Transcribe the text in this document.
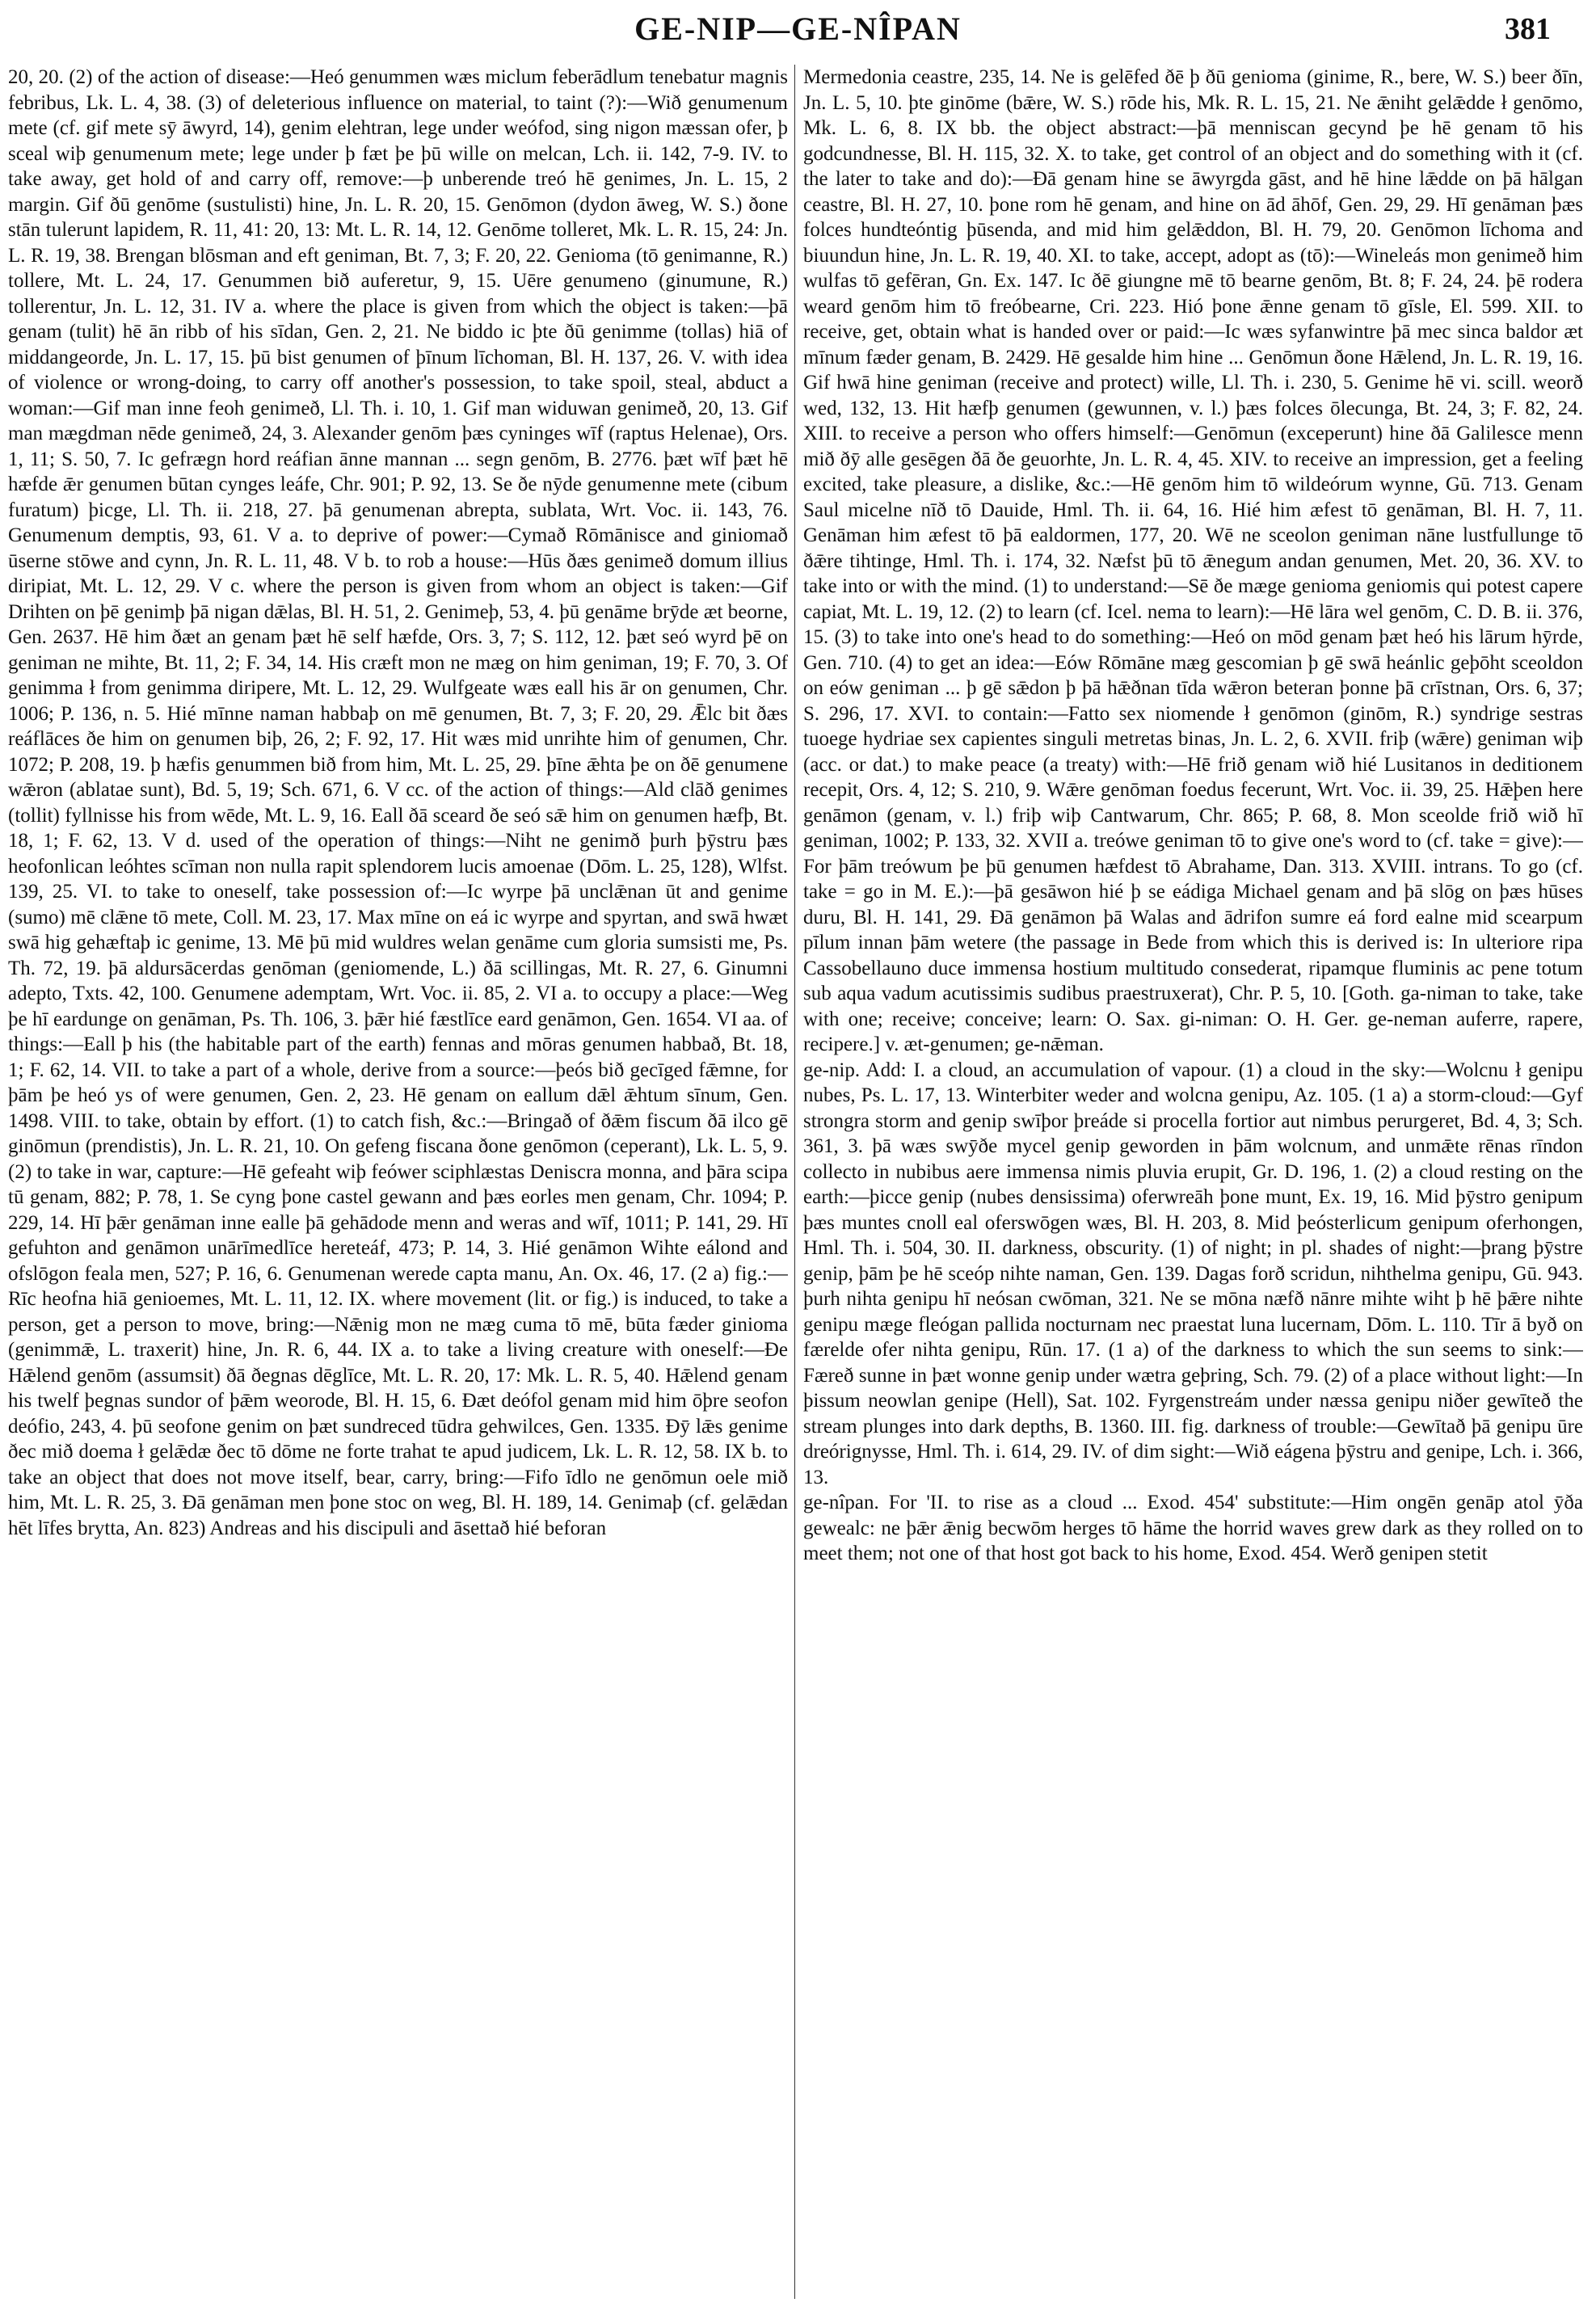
GE-NIP—GE-NÎPAN	381

20, 20. (2) of the action of disease:—Heó genummen wæs miclum feberādlum tenebatur magnis febribus, Lk. L. 4, 38. (3) of deleterious influence on material, to taint (?):—Wið genumenum mete (cf. gif mete sȳ āwyrd, 14), genim elehtran, lege under weófod, sing nigon mæssan ofer, þ sceal wiþ genumenum mete; lege under þ fæt þe þū wille on melcan, Lch. ii. 142, 7-9. IV. to take away, get hold of and carry off, remove:—þ unberende treó hē genimes, Jn. L. 15, 2 margin. Gif ðū genōme (sustulisti) hine, Jn. L. R. 20, 15. Genōmon (dydon āweg, W. S.) ðone stān tulerunt lapidem, R. 11, 41: 20, 13: Mt. L. R. 14, 12. Genōme tolleret, Mk. L. R. 15, 24: Jn. L. R. 19, 38. Brengan blōsman and eft geniman, Bt. 7, 3; F. 20, 22. Genioma (tō genimanne, R.) tollere, Mt. L. 24, 17. Genummen bið auferetur, 9, 15. Uēre genumeno (ginumune, R.) tollerentur, Jn. L. 12, 31. IV a. where the place is given from which the object is taken:—þā genam (tulit) hē ān ribb of his sīdan, Gen. 2, 21. Ne biddo ic þte ðū genimme (tollas) hiā of middangeorde, Jn. L. 17, 15. þū bist genumen of þīnum līchoman, Bl. H. 137, 26. V. with idea of violence or wrong-doing, to carry off another's possession, to take spoil, steal, abduct a woman:—Gif man inne feoh genimeð, Ll. Th. i. 10, 1. Gif man widuwan genimeð, 20, 13. Gif man mægdman nēde genimeð, 24, 3. Alexander genōm þæs cyninges wīf (raptus Helenae), Ors. 1, 11; S. 50, 7. Ic gefrægn hord reáfian ānne mannan ... segn genōm, B. 2776. þæt wīf þæt hē hæfde ǣr genumen būtan cynges leáfe, Chr. 901; P. 92, 13. Se ðe nȳde genumenne mete (cibum furatum) þicge, Ll. Th. ii. 218, 27. þā genumenan abrepta, sublata, Wrt. Voc. ii. 143, 76. Genumenum demptis, 93, 61. V a. to deprive of power:—Cymað Rōmānisce and giniomað ūserne stōwe and cynn, Jn. R. L. 11, 48. V b. to rob a house:—Hūs ðæs genimeð domum illius diripiat, Mt. L. 12, 29. V c. where the person is given from whom an object is taken:—Gif Drihten on þē genimþ þā nigan dǣlas, Bl. H. 51, 2. Genimeþ, 53, 4. þū genāme brȳde æt beorne, Gen. 2637. Hē him ðæt an genam þæt hē self hæfde, Ors. 3, 7; S. 112, 12. þæt seó wyrd þē on geniman ne mihte, Bt. 11, 2; F. 34, 14. His cræft mon ne mæg on him geniman, 19; F. 70, 3. Of genimma ł from genimma diripere, Mt. L. 12, 29. Wulfgeate wæs eall his ār on genumen, Chr. 1006; P. 136, n. 5. Hié mīnne naman habbaþ on mē genumen, Bt. 7, 3; F. 20, 29. Ǣlc bit ðæs reáflāces ðe him on genumen biþ, 26, 2; F. 92, 17. Hit wæs mid unrihte him of genumen, Chr. 1072; P. 208, 19. þ hæfis genummen bið from him, Mt. L. 25, 29. þīne ǣhta þe on ðē genumene wǣron (ablatae sunt), Bd. 5, 19; Sch. 671, 6. V cc. of the action of things:—Ald clāð genimes (tollit) fyllnisse his from wēde, Mt. L. 9, 16. Eall ðā sceard ðe seó sǣ him on genumen hæfþ, Bt. 18, 1; F. 62, 13. V d. used of the operation of things:—Niht ne genimð þurh þȳstru þæs heofonlican leóhtes scīman non nulla rapit splendorem lucis amoenae (Dōm. L. 25, 128), Wlfst. 139, 25. VI. to take to oneself, take possession of:—Ic wyrpe þā unclǣnan ūt and genime (sumo) mē clǣne tō mete, Coll. M. 23, 17. Max mīne on eá ic wyrpe and spyrtan, and swā hwæt swā hig gehæftaþ ic genime, 13. Mē þū mid wuldres welan genāme cum gloria sumsisti me, Ps. Th. 72, 19. þā aldursācerdas genōman (geniomende, L.) ðā scillingas, Mt. R. 27, 6. Ginumni adepto, Txts. 42, 100. Genumene ademptam, Wrt. Voc. ii. 85, 2. VI a. to occupy a place:—Weg þe hī eardunge on genāman, Ps. Th. 106, 3. þǣr hié fæstlīce eard genāmon, Gen. 1654. VI aa. of things:—Eall þ his (the habitable part of the earth) fennas and mōras genumen habbað, Bt. 18, 1; F. 62, 14. VII. to take a part of a whole, derive from a source:—þeós bið gecīged fǣmne, for þām þe heó ys of were genumen, Gen. 2, 23. Hē genam on eallum dǣl ǣhtum sīnum, Gen. 1498. VIII. to take, obtain by effort. (1) to catch fish, &c.:—Bringað of ðǣm fiscum ðā ilco gē ginōmun (prendistis), Jn. L. R. 21, 10. On gefeng fiscana ðone genōmon (ceperant), Lk. L. 5, 9. (2) to take in war, capture:—Hē gefeaht wiþ feówer sciphlæstas Deniscra monna, and þāra scipa tū genam, 882; P. 78, 1. Se cyng þone castel gewann and þæs eorles men genam, Chr. 1094; P. 229, 14. Hī þǣr genāman inne ealle þā gehādode menn and weras and wīf, 1011; P. 141, 29. Hī gefuhton and genāmon unārīmedlīce hereteáf, 473; P. 14, 3. Hié genāmon Wihte eálond and ofslōgon feala men, 527; P. 16, 6. Genumenan werede capta manu, An. Ox. 46, 17. (2 a) fig.:—Rīc heofna hiā genioemes, Mt. L. 11, 12. IX. where movement (lit. or fig.) is induced, to take a person, get a person to move, bring:—Nǣnig mon ne mæg cuma tō mē, būta fæder ginioma (genimmǣ, L. traxerit) hine, Jn. R. 6, 44. IX a. to take a living creature with oneself:—Ðe Hǣlend genōm (assumsit) ðā ðegnas dēglīce, Mt. L. R. 20, 17: Mk. L. R. 5, 40. Hǣlend genam his twelf þegnas sundor of þǣm weorode, Bl. H. 15, 6. Ðæt deófol genam mid him ōþre seofon deófio, 243, 4. þū seofone genim on þæt sundreced tūdra gehwilces, Gen. 1335. Ðȳ lǣs genime ðec mið doema ł gelǣdæ ðec tō dōme ne forte trahat te apud judicem, Lk. L. R. 12, 58. IX b. to take an object that does not move itself, bear, carry, bring:—Fifo īdlo ne genōmun oele mið him, Mt. L. R. 25, 3. Ðā genāman men þone stoc on weg, Bl. H. 189, 14. Genimaþ (cf. gelǣdan hēt līfes brytta, An. 823) Andreas and his discipuli and āsettað hié beforan

Mermedonia ceastre, 235, 14. Ne is gelēfed ðē þ ðū genioma (ginime, R., bere, W. S.) beer ðīn, Jn. L. 5, 10. þte ginōme (bǣre, W. S.) rōde his, Mk. R. L. 15, 21. Ne ǣniht gelǣdde ł genōmo, Mk. L. 6, 8. IX bb. the object abstract:—þā menniscan gecynd þe hē genam tō his godcundnesse, Bl. H. 115, 32. X. to take, get control of an object and do something with it (cf. the later to take and do):—Ðā genam hine se āwyrgda gāst, and hē hine lǣdde on þā hālgan ceastre, Bl. H. 27, 10. þone rom hē genam, and hine on ād āhōf, Gen. 29, 29. Hī genāman þæs folces hundteóntig þūsenda, and mid him gelǣddon, Bl. H. 79, 20. Genōmon līchoma and biuundun hine, Jn. L. R. 19, 40. XI. to take, accept, adopt as (tō):—Wineleás mon genimeð him wulfas tō gefēran, Gn. Ex. 147. Ic ðē giungne mē tō bearne genōm, Bt. 8; F. 24, 24. þē roderа weard genōm him tō freóbearne, Cri. 223. Hió þone ǣnne genam tō gīsle, El. 599. XII. to receive, get, obtain what is handed over or paid:—Ic wæs syfanwintre þā mec sinca baldor æt mīnum fæder genam, B. 2429. Hē gesalde him hine ... Genōmun ðone Hǣlend, Jn. L. R. 19, 16. Gif hwā hine geniman (receive and protect) wille, Ll. Th. i. 230, 5. Genime hē vi. scill. weorð wed, 132, 13. Hit hæfþ genumen (gewunnen, v. l.) þæs folces ōlecunga, Bt. 24, 3; F. 82, 24. XIII. to receive a person who offers himself:—Genōmun (exceperunt) hine ðā Galilesce menn mið ðȳ alle gesēgen ðā ðe geuorhte, Jn. L. R. 4, 45. XIV. to receive an impression, get a feeling excited, take pleasure, a dislike, &c.:—Hē genōm him tō wildeórum wynne, Gū. 713. Genam Saul micelne nīð tō Dauide, Hml. Th. ii. 64, 16. Hié him æfest tō genāman, Bl. H. 7, 11. Genāman him æfest tō þā ealdormen, 177, 20. Wē ne sceolon geniman nāne lustfullunge tō ðǣre tihtinge, Hml. Th. i. 174, 32. Næfst þū tō ǣnegum andan genumen, Met. 20, 36. XV. to take into or with the mind. (1) to understand:—Sē ðe mæge genioma geniomis qui potest capere capiat, Mt. L. 19, 12. (2) to learn (cf. Icel. nema to learn):—Hē lāra wel genōm, C. D. B. ii. 376, 15. (3) to take into one's head to do something:—Heó on mōd genam þæt heó his lārum hȳrde, Gen. 710. (4) to get an idea:—Eów Rōmāne mæg gescomian þ gē swā heánlic geþōht sceoldon on eów geniman ... þ gē sǣdon þ þā hǣðnan tīda wǣron beteran þonne þā crīstnan, Ors. 6, 37; S. 296, 17. XVI. to contain:—Fatto sex niomende ł genōmon (ginōm, R.) syndrige sestras tuoege hydriae sex capientes singuli metretas binas, Jn. L. 2, 6. XVII. friþ (wǣre) geniman wiþ (acc. or dat.) to make peace (a treaty) with:—Hē frið genam wið hié Lusitanos in deditionem recepit, Ors. 4, 12; S. 210, 9. Wǣre genōman foedus fecerunt, Wrt. Voc. ii. 39, 25. Hǣþen here genāmon (genam, v. l.) friþ wiþ Cantwarum, Chr. 865; P. 68, 8. Mon sceolde frið wið hī geniman, 1002; P. 133, 32. XVII a. treówe geniman tō to give one's word to (cf. take = give):—For þām treówum þe þū genumen hæfdest tō Abrahame, Dan. 313. XVIII. intrans. To go (cf. take = go in M. E.):—þā gesāwon hié þ se eádiga Michael genam and þā slōg on þæs hūses duru, Bl. H. 141, 29. Ðā genāmon þā Walas and ādrifon sumre eá ford ealne mid scearpum pīlum innan þām wetere (the passage in Bede from which this is derived is: In ulteriore ripa Cassobellauno duce immensa hostium multitudo consederat, ripamque fluminis ac pene totum sub aqua vadum acutissimis sudibus praestruxerat), Chr. P. 5, 10. [Goth. ga-niman to take, take with one; receive; conceive; learn: O. Sax. gi-niman: O. H. Ger. ge-neman auferre, rapere, recipere.] v. æt-genumen; ge-nǣman.

ge-nip. Add: I. a cloud, an accumulation of vapour. (1) a cloud in the sky:—Wolcnu ł genipu nubes, Ps. L. 17, 13. Winterbiter weder and wolcna genipu, Az. 105. (1 a) a storm-cloud:—Gyf strongra storm and genip swīþor þreáde si procella fortior aut nimbus perurgeret, Bd. 4, 3; Sch. 361, 3. þā wæs swȳðe mycel genip geworden in þām wolcnum, and unmǣte rēnas rīndon collecto in nubibus aere immensa nimis pluvia erupit, Gr. D. 196, 1. (2) a cloud resting on the earth:—þicce genip (nubes densissima) oferwreāh þone munt, Ex. 19, 16. Mid þȳstro genipum þæs muntes cnoll eal oferswōgen wæs, Bl. H. 203, 8. Mid þeósterlicum genipum oferhongen, Hml. Th. i. 504, 30. II. darkness, obscurity. (1) of night; in pl. shades of night:—þrang þȳstre genip, þām þe hē sceóp nihte naman, Gen. 139. Dagas forð scridun, nihthelma genipu, Gū. 943. þurh nihta genipu hī neósan cwōman, 321. Ne se mōna næfð nānre mihte wiht þ hē þǣre nihte genipu mæge fleógan pallida nocturnam nec praestat luna lucernam, Dōm. L. 110. Tīr ā byð on færelde ofer nihta genipu, Rūn. 17. (1 a) of the darkness to which the sun seems to sink:—Færeð sunne in þæt wonne genip under wætra geþring, Sch. 79. (2) of a place without light:—In þissum neowlan genipe (Hell), Sat. 102. Fyrgenstreám under næssa genipu niðer gewīteð the stream plunges into dark depths, B. 1360. III. fig. darkness of trouble:—Gewītað þā genipu ūre dreórignysse, Hml. Th. i. 614, 29. IV. of dim sight:—Wið eágena þȳstru and genipe, Lch. i. 366, 13.

ge-nîpan. For 'II. to rise as a cloud ... Exod. 454' substitute:—Him ongēn genāp atol ȳða gewealc: ne þǣr ǣnig becwōm herges tō hāme the horrid waves grew dark as they rolled on to meet them; not one of that host got back to his home, Exod. 454. Werð genipen stetit
